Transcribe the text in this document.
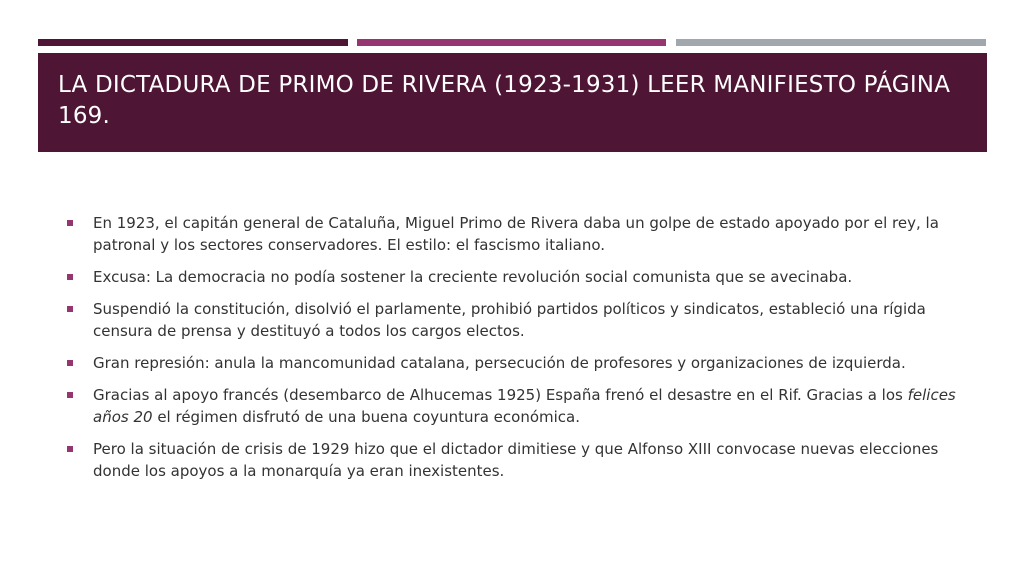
LA DICTADURA DE PRIMO DE RIVERA (1923-1931) LEER MANIFIESTO PÁGINA 169.
En 1923, el capitán general de Cataluña, Miguel Primo de Rivera daba un golpe de estado apoyado por el rey, la patronal y los sectores conservadores. El estilo: el fascismo italiano.
Excusa: La democracia no podía sostener la creciente revolución social comunista que se avecinaba.
Suspendió la constitución, disolvió el parlamente, prohibió partidos políticos y sindicatos, estableció una rígida censura de prensa y destituyó a todos los cargos electos.
Gran represión: anula la mancomunidad catalana, persecución de profesores y organizaciones de izquierda.
Gracias al apoyo francés (desembarco de Alhucemas 1925) España frenó el desastre en el Rif. Gracias a los felices años 20 el régimen disfrutó de una buena coyuntura económica.
Pero la situación de crisis de 1929 hizo que el dictador dimitiese y que Alfonso XIII convocase nuevas elecciones donde los apoyos a la monarquía ya eran inexistentes.
